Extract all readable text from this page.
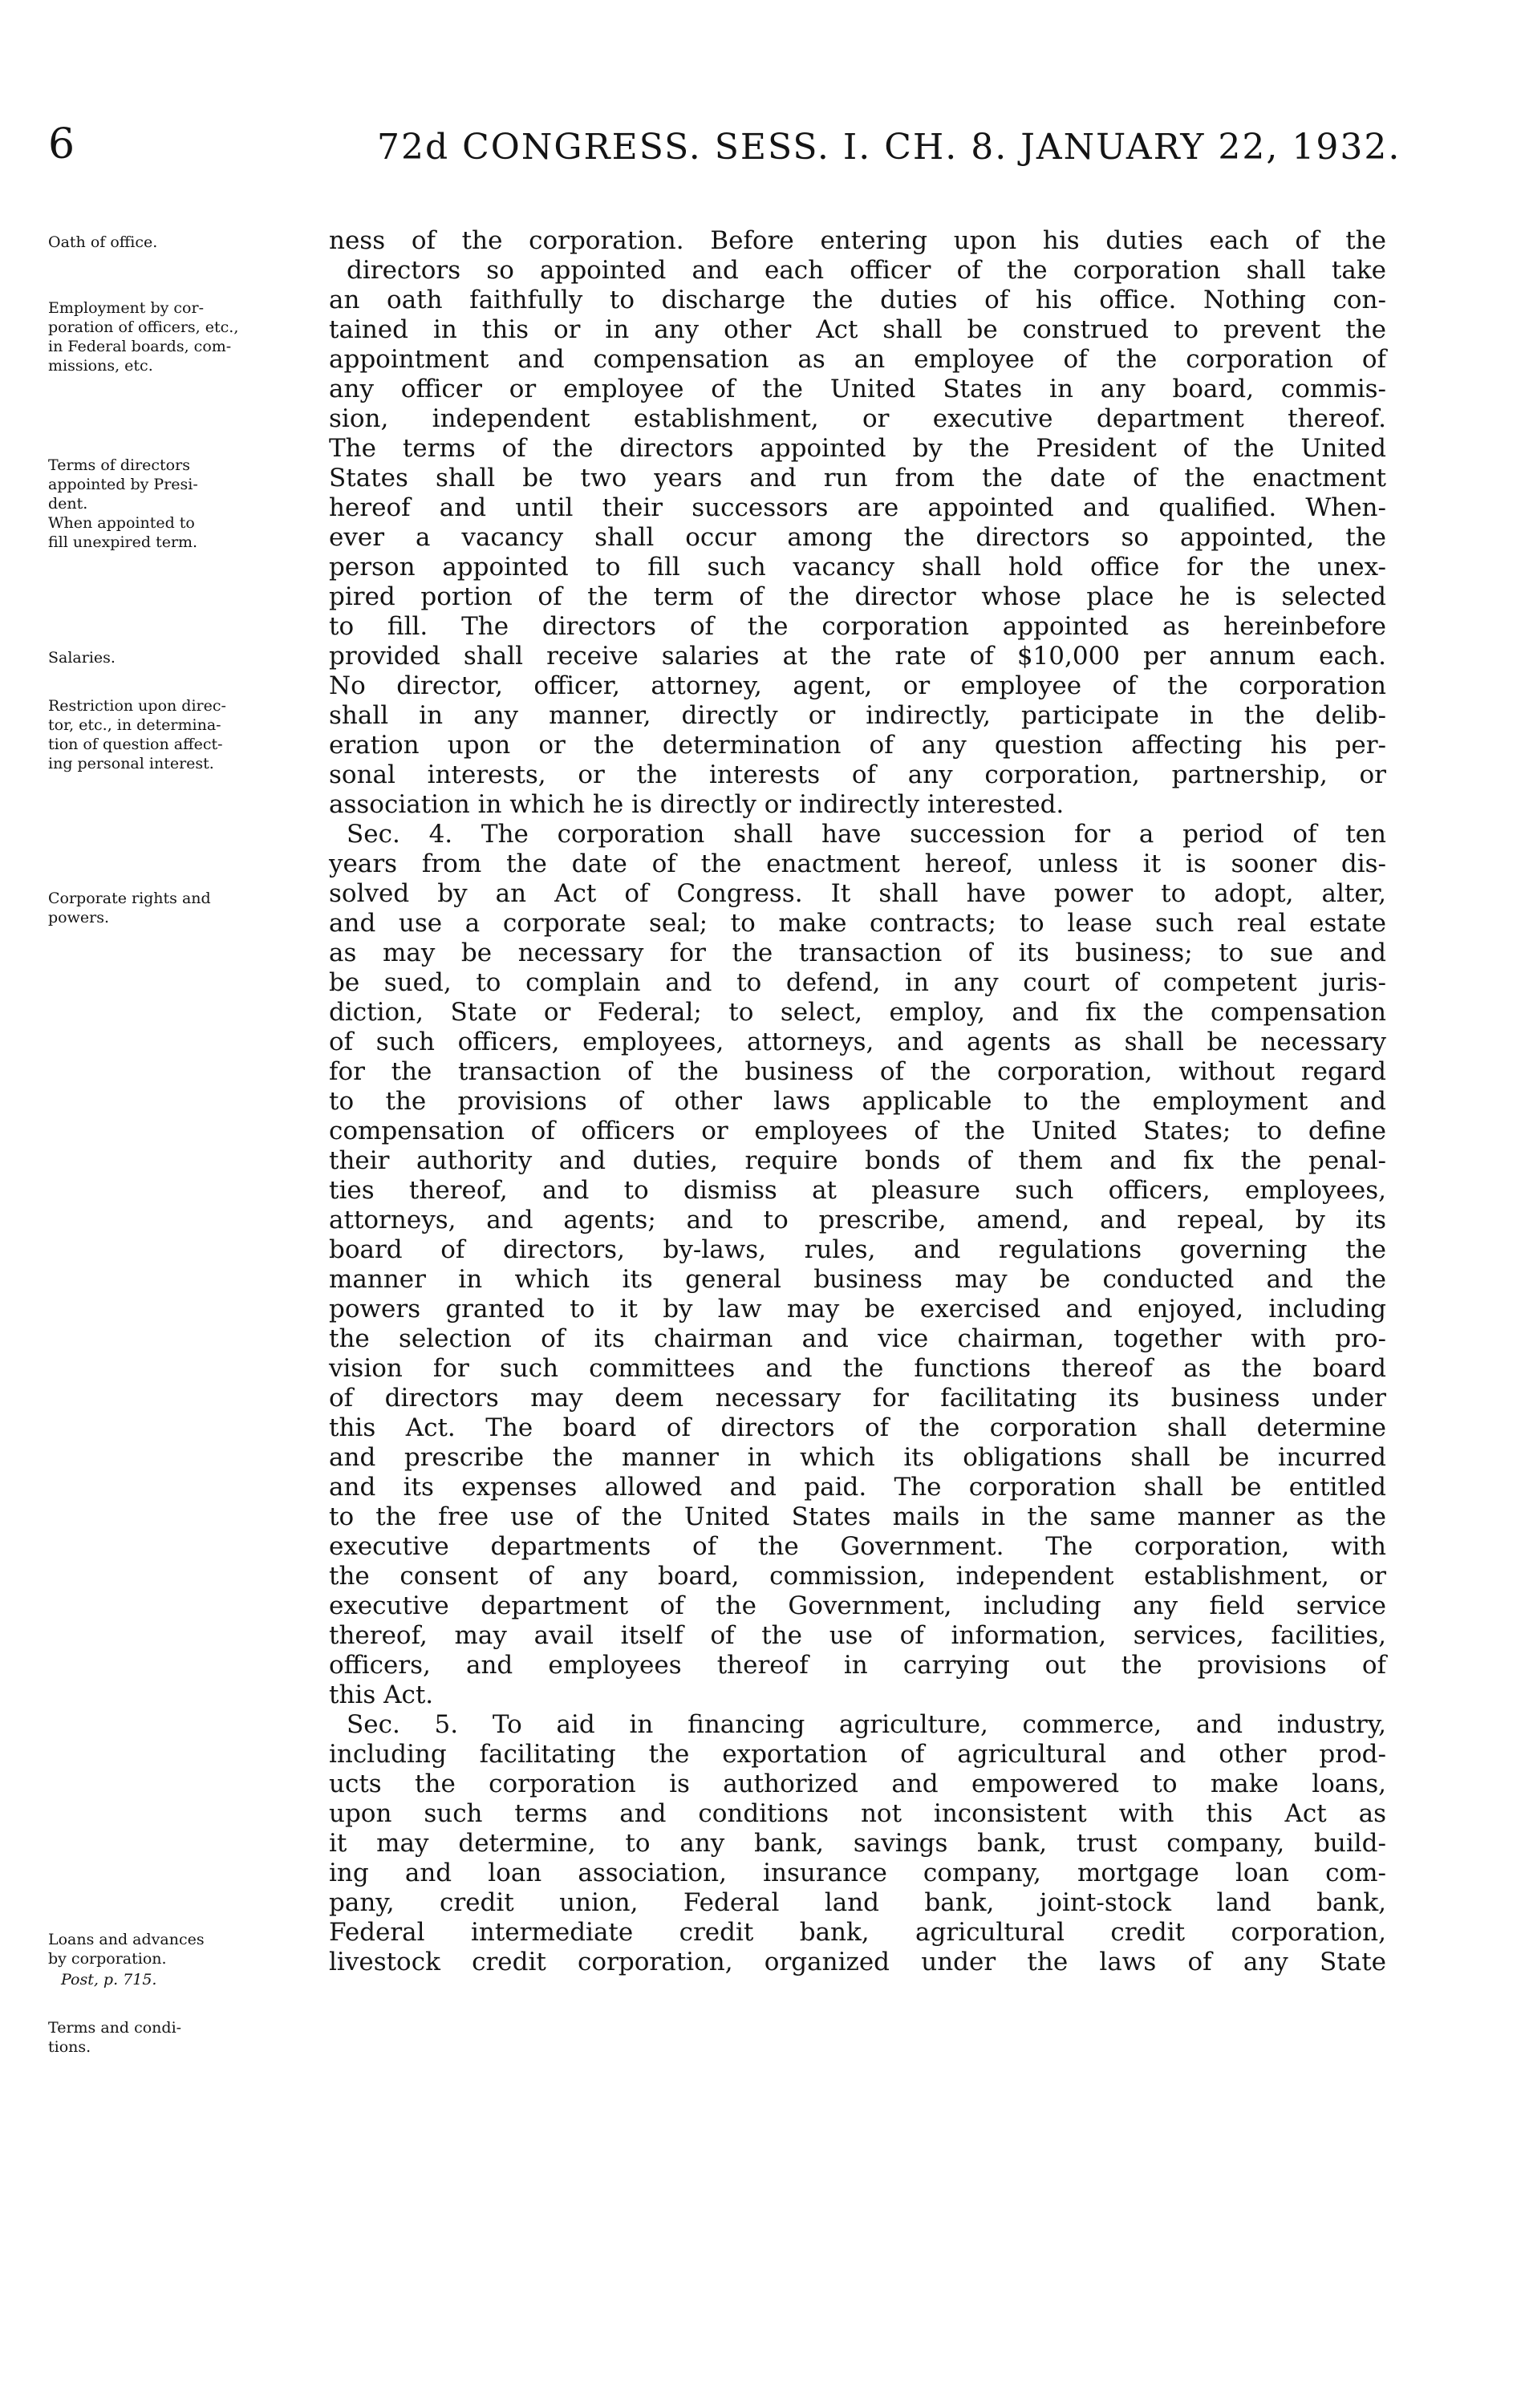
6	72d CONGRESS. SESS. I. CH. 8. JANUARY 22, 1932.
Oath of office.
Employment by cor-
poration of officers, etc.,
in Federal boards, com-
missions, etc.
Terms of directors
appointed by Presi-
dent.
When appointed to
fill unexpired term.
Salaries.
Restriction upon direc-
tor, etc., in determina-
tion of question affect-
ing personal interest.
Corporate rights and
powers.
Loans and advances
by corporation.
Post, p. 715.
Terms and condi-
tions.
ness of the corporation. Before entering upon his duties each of the
directors so appointed and each officer of the corporation shall take
an oath faithfully to discharge the duties of his office. Nothing con-
tained in this or in any other Act shall be construed to prevent the
appointment and compensation as an employee of the corporation of
any officer or employee of the United States in any board, commis-
sion, independent establishment, or executive department thereof.
The terms of the directors appointed by the President of the United
States shall be two years and run from the date of the enactment
hereof and until their successors are appointed and qualified. When-
ever a vacancy shall occur among the directors so appointed, the
person appointed to fill such vacancy shall hold office for the unex-
pired portion of the term of the director whose place he is selected
to fill. The directors of the corporation appointed as hereinbefore
provided shall receive salaries at the rate of $10,000 per annum each.
No director, officer, attorney, agent, or employee of the corporation
shall in any manner, directly or indirectly, participate in the delib-
eration upon or the determination of any question affecting his per-
sonal interests, or the interests of any corporation, partnership, or
association in which he is directly or indirectly interested.
Sec. 4. The corporation shall have succession for a period of ten
years from the date of the enactment hereof, unless it is sooner dis-
solved by an Act of Congress. It shall have power to adopt, alter,
and use a corporate seal; to make contracts; to lease such real estate
as may be necessary for the transaction of its business; to sue and
be sued, to complain and to defend, in any court of competent juris-
diction, State or Federal; to select, employ, and fix the compensation
of such officers, employees, attorneys, and agents as shall be necessary
for the transaction of the business of the corporation, without regard
to the provisions of other laws applicable to the employment and
compensation of officers or employees of the United States; to define
their authority and duties, require bonds of them and fix the penal-
ties thereof, and to dismiss at pleasure such officers, employees,
attorneys, and agents; and to prescribe, amend, and repeal, by its
board of directors, by-laws, rules, and regulations governing the
manner in which its general business may be conducted and the
powers granted to it by law may be exercised and enjoyed, including
the selection of its chairman and vice chairman, together with pro-
vision for such committees and the functions thereof as the board
of directors may deem necessary for facilitating its business under
this Act. The board of directors of the corporation shall determine
and prescribe the manner in which its obligations shall be incurred
and its expenses allowed and paid. The corporation shall be entitled
to the free use of the United States mails in the same manner as the
executive departments of the Government. The corporation, with
the consent of any board, commission, independent establishment, or
executive department of the Government, including any field service
thereof, may avail itself of the use of information, services, facilities,
officers, and employees thereof in carrying out the provisions of
this Act.
Sec. 5. To aid in financing agriculture, commerce, and industry,
including facilitating the exportation of agricultural and other prod-
ucts the corporation is authorized and empowered to make loans,
upon such terms and conditions not inconsistent with this Act as
it may determine, to any bank, savings bank, trust company, build-
ing and loan association, insurance company, mortgage loan com-
pany, credit union, Federal land bank, joint-stock land bank,
Federal intermediate credit bank, agricultural credit corporation,
livestock credit corporation, organized under the laws of any State
